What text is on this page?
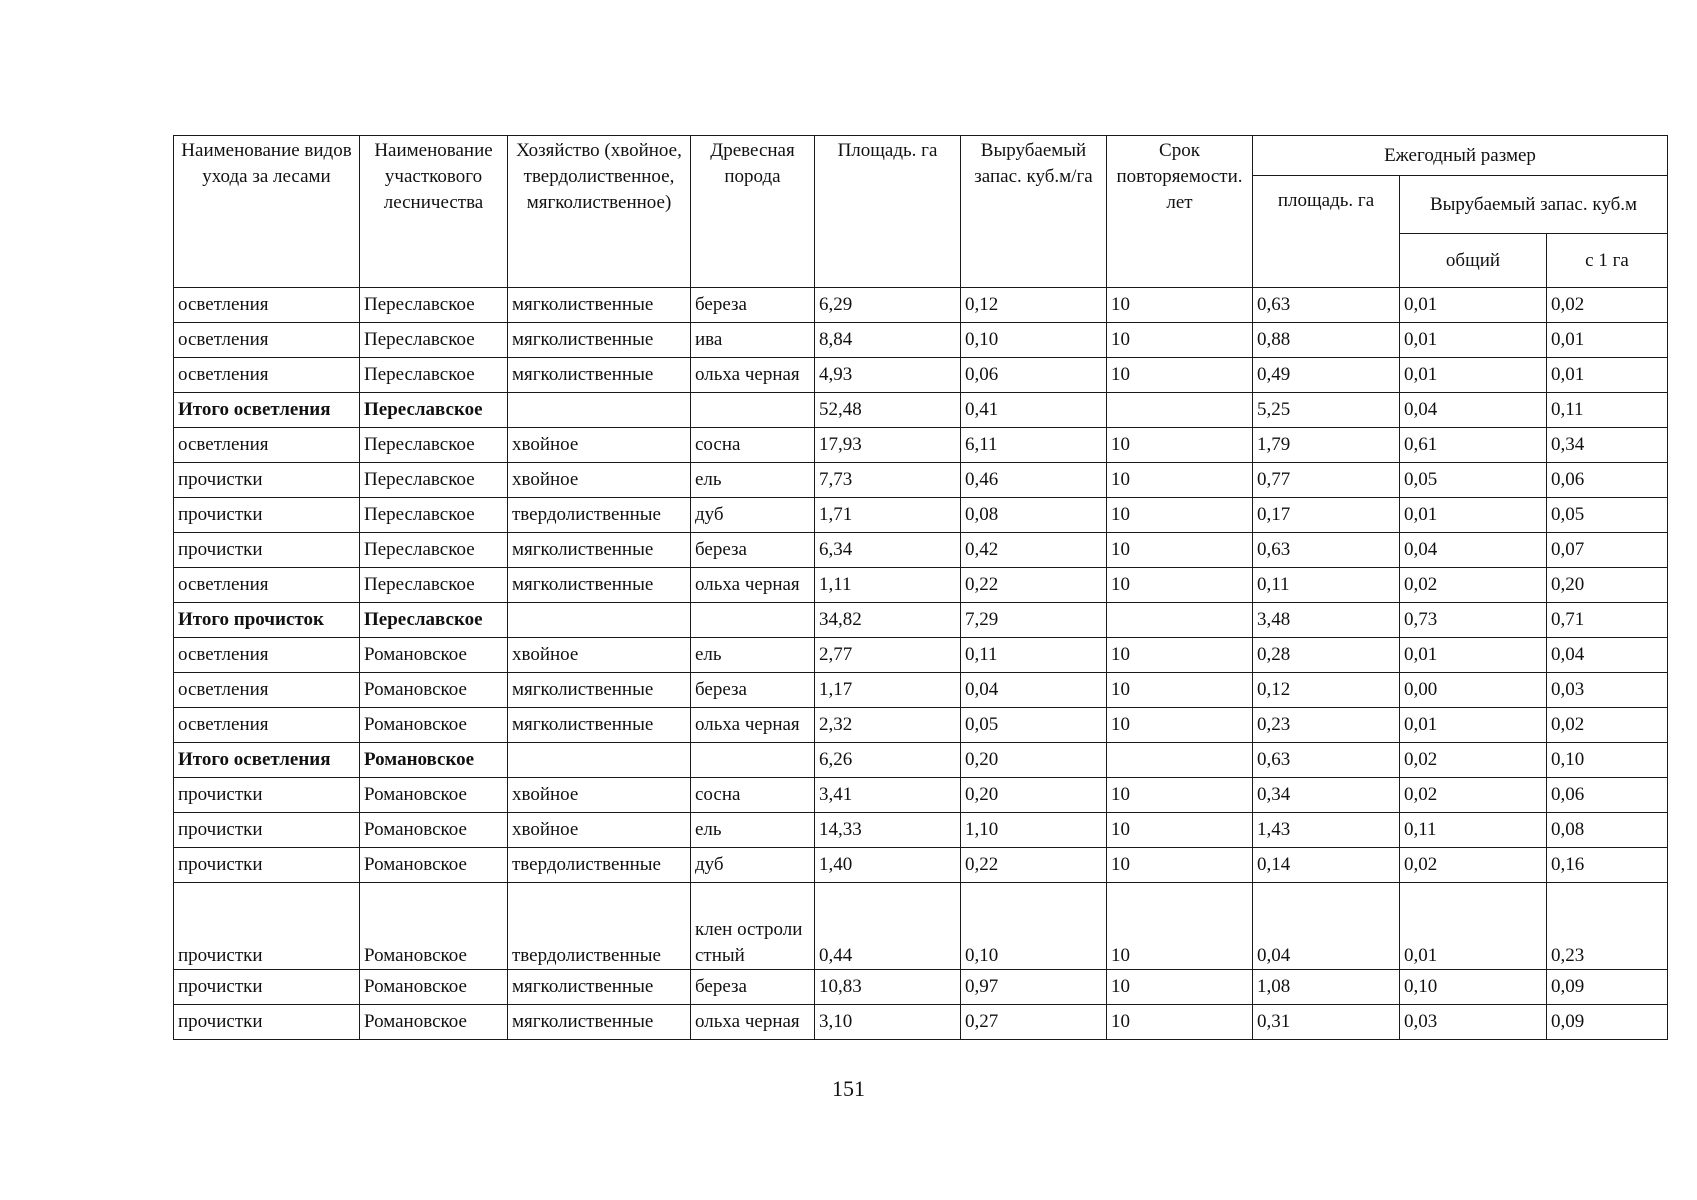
Наименование видов ухода за лесами	Наименование участкового лесничества	Хозяйство (хвойное, твердолиственное, мягколиственное)	Древесная порода	Площадь. га	Вырубаемый запас. куб.м/га	Срок повторяемости. лет	Ежегодный размер		
							площадь. га	Вырубаемый запас. куб.м	
								общий	с 1 га
осветления	Переславское	мягколиственные	береза	6,29	0,12	10	0,63	0,01	0,02
осветления	Переславское	мягколиственные	ива	8,84	0,10	10	0,88	0,01	0,01
осветления	Переславское	мягколиственные	ольха черная	4,93	0,06	10	0,49	0,01	0,01
Итого осветления	Переславское			52,48	0,41		5,25	0,04	0,11
осветления	Переславское	хвойное	сосна	17,93	6,11	10	1,79	0,61	0,34
прочистки	Переславское	хвойное	ель	7,73	0,46	10	0,77	0,05	0,06
прочистки	Переславское	твердолиственные	дуб	1,71	0,08	10	0,17	0,01	0,05
прочистки	Переславское	мягколиственные	береза	6,34	0,42	10	0,63	0,04	0,07
осветления	Переславское	мягколиственные	ольха черная	1,11	0,22	10	0,11	0,02	0,20
Итого прочисток	Переславское			34,82	7,29		3,48	0,73	0,71
осветления	Романовское	хвойное	ель	2,77	0,11	10	0,28	0,01	0,04
осветления	Романовское	мягколиственные	береза	1,17	0,04	10	0,12	0,00	0,03
осветления	Романовское	мягколиственные	ольха черная	2,32	0,05	10	0,23	0,01	0,02
Итого осветления	Романовское			6,26	0,20		0,63	0,02	0,10
прочистки	Романовское	хвойное	сосна	3,41	0,20	10	0,34	0,02	0,06
прочистки	Романовское	хвойное	ель	14,33	1,10	10	1,43	0,11	0,08
прочистки	Романовское	твердолиственные	дуб	1,40	0,22	10	0,14	0,02	0,16
прочистки	Романовское	твердолиственные	клен остролистный	0,44	0,10	10	0,04	0,01	0,23
прочистки	Романовское	мягколиственные	береза	10,83	0,97	10	1,08	0,10	0,09
прочистки	Романовское	мягколиственные	ольха черная	3,10	0,27	10	0,31	0,03	0,09
151
